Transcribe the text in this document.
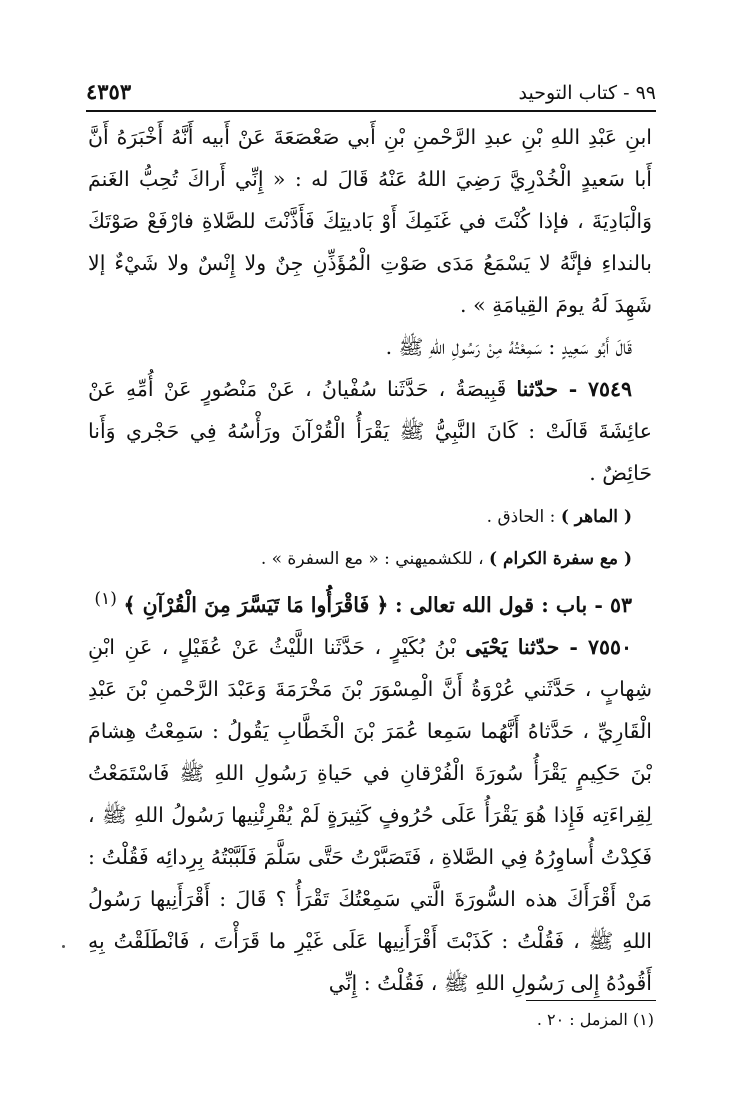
٩٩ - كتاب التوحيد
٤٣٥٣

ابنِ عَبْدِ اللهِ بْنِ عبدِ الرَّحْمنِ بْنِ أَبي صَعْصَعَةَ عَنْ أَبيه أَنَّهُ أَخْبَرَهُ أَنَّ أَبا سَعيدٍ الْخُدْرِيَّ رَضِيَ اللهُ عَنْهُ قَالَ له : « إِنِّي أَراكَ تُحِبُّ الغَنمَ وَالْبَادِيَةَ ، فإذا كُنْتَ في غَنَمِكَ أَوْ بَاديتِكَ فَأَذَّنْتَ للصَّلاةِ فارْفَعْ صَوْتَكَ بالنداءِ فإنَّهُ لا يَسْمَعُ مَدَى صَوْتِ الْمُؤَذِّنِ جِنٌ ولا إِنْسٌ ولا شَيْءٌ إلا شَهِدَ لَهُ يومَ القِيامَةِ » .

قَالَ أَبُو سَعِيدٍ : سَمِعْتُهُ مِنْ رَسُولِ اللهِ ﷺ .

٧٥٤٩ - حدّثنا قَبِيصَةُ ، حَدَّثَنا سُفْيانُ ، عَنْ مَنْصُورٍ عَنْ أُمِّهِ عَنْ عائِشَةَ قَالَتْ : كَانَ النَّبِيُّ ﷺ يَقْرَأُ الْقُرْآنَ ورَأْسُهُ فِي حَجْري وَأَنا حَائِضٌ .

( الماهر ) : الحاذق .

( مع سفرة الكرام ) ، للكشميهني : « مع السفرة » .

٥٣ - باب : قول الله تعالى : ﴿ فَاقْرَأُوا مَا تَيَسَّرَ مِنَ الْقُرْآنِ ﴾ $^{(١)}$

٧٥٥٠ - حدّثنا يَحْيَى بْنُ بُكَيْرٍ ، حَدَّثَنا اللَّيْثُ عَنْ عُقَيْلٍ ، عَنِ ابْنِ شِهابٍ ، حَدَّثَني عُرْوَةُ أَنَّ الْمِسْوَرَ بْنَ مَخْرَمَةَ وَعَبْدَ الرَّحْمنِ بْنَ عَبْدِ الْقَارِيِّ ، حَدَّثاهُ أَنَّهُما سَمِعا عُمَرَ بْنَ الْخَطَّابِ يَقُولُ : سَمِعْتُ هِشامَ بْنَ حَكِيمٍ يَقْرَأُ سُورَةَ الْفُرْقانِ في حَياةِ رَسُولِ اللهِ ﷺ فَاسْتَمَعْتُ لِقِراءَتِه فَإِذا هُوَ يَقْرَأُ عَلَى حُرُوفٍ كَثِيرَةٍ لَمْ يُقْرِئْنِيها رَسُولُ اللهِ ﷺ ، فَكِدْتُ أُساوِرُهُ فِي الصَّلاةِ ، فَتَصَبَّرْتُ حَتَّى سَلَّمَ فَلَبَّبْتُهُ بِرِدائِه فَقُلْتُ : مَنْ أَقْرَأَكَ هذه السُّورَةَ الَّتي سَمِعْتُكَ تَقْرَأُ ؟ قَالَ : أَقْرَأَنِيها رَسُولُ اللهِ ﷺ ، فَقُلْتُ : كَذَبْتَ أَقْرَأَنِيها عَلَى غَيْرِ ما قَرَأْتَ ، فَانْطَلَقْتُ بِهِ أَقُودُهُ إِلى رَسُولِ اللهِ ﷺ ، فَقُلْتُ : إِنِّي

(١) المزمل : ٢٠ .
